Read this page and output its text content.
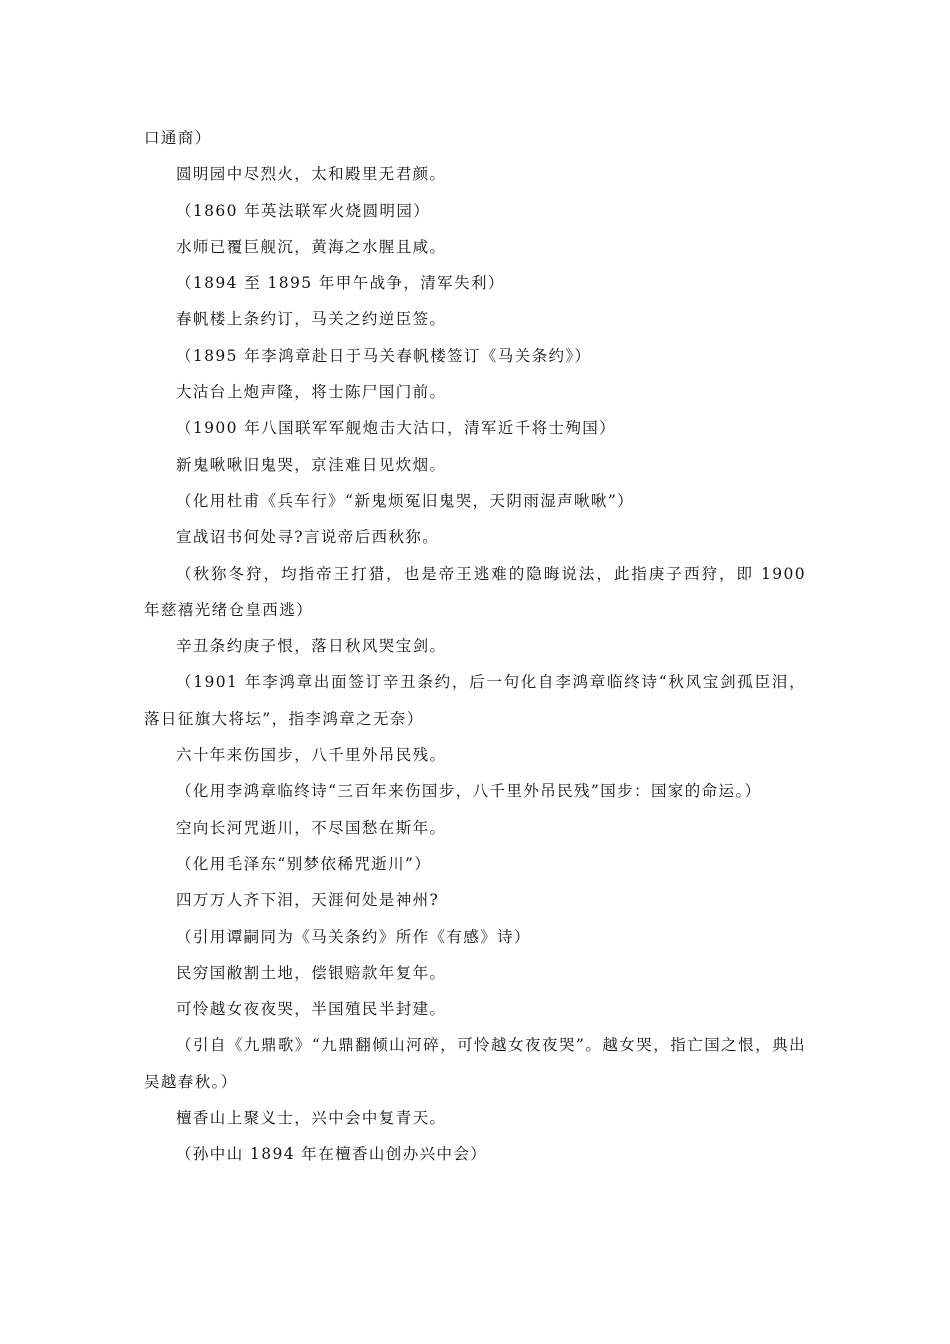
口通商）

圆明园中尽烈火，太和殿里无君颜。

（1860 年英法联军火烧圆明园）

水师已覆巨舰沉，黄海之水腥且咸。

（1894 至 1895 年甲午战争，清军失利）

春帆楼上条约订，马关之约逆臣签。

（1895 年李鸿章赴日于马关春帆楼签订《马关条约》）

大沽台上炮声隆，将士陈尸国门前。

（1900 年八国联军军舰炮击大沽口，清军近千将士殉国）

新鬼啾啾旧鬼哭，京洼难日见炊烟。

（化用杜甫《兵车行》“新鬼烦冤旧鬼哭，天阴雨湿声啾啾”）

宣战诏书何处寻?言说帝后西秋狝。

（秋狝冬狩，均指帝王打猎，也是帝王逃难的隐晦说法，此指庚子西狩，即 1900 年慈禧光绪仓皇西逃）

辛丑条约庚子恨，落日秋风哭宝剑。

（1901 年李鸿章出面签订辛丑条约，后一句化自李鸿章临终诗“秋风宝剑孤臣泪，落日征旗大将坛”，指李鸿章之无奈）

六十年来伤国步，八千里外吊民残。

（化用李鸿章临终诗“三百年来伤国步，八千里外吊民残”国步：国家的命运。）

空向长河咒逝川，不尽国愁在斯年。

（化用毛泽东“别梦依稀咒逝川”）

四万万人齐下泪，天涯何处是神州?

（引用谭嗣同为《马关条约》所作《有感》诗）

民穷国敝割土地，偿银赔款年复年。

可怜越女夜夜哭，半国殖民半封建。

（引自《九鼎歌》“九鼎翻倾山河碎，可怜越女夜夜哭”。越女哭，指亡国之恨，典出吴越春秋。）

檀香山上聚义士，兴中会中复青天。

（孙中山 1894 年在檀香山创办兴中会）
